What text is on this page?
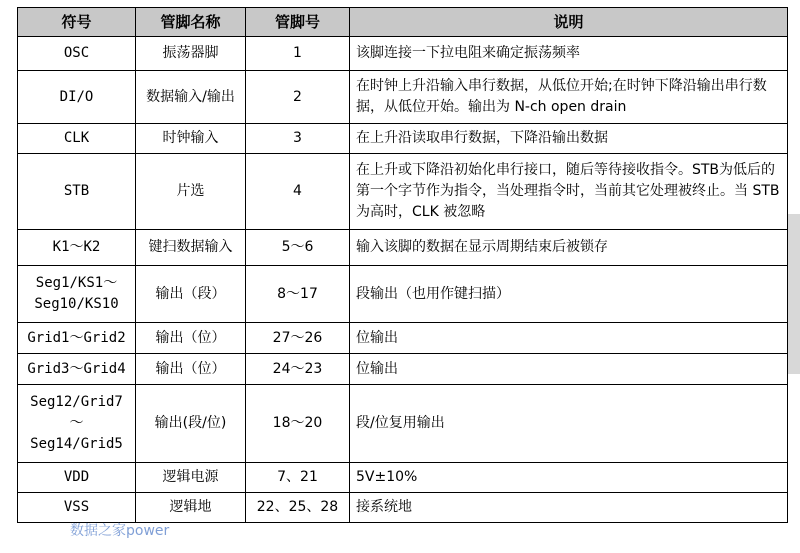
符号	管脚名称	管脚号	说明
OSC	振荡器脚	1	该脚连接一下拉电阻来确定振荡频率
DI/O	数据输入/输出	2	在时钟上升沿输入串行数据，从低位开始;在时钟下降沿输出串行数据，从低位开始。输出为 N-ch open drain
CLK	时钟输入	3	在上升沿读取串行数据，下降沿输出数据
STB	片选	4	在上升或下降沿初始化串行接口，随后等待接收指令。STB为低后的第一个字节作为指令，当处理指令时，当前其它处理被终止。当 STB 为高时，CLK 被忽略
K1～K2	键扫数据输入	5～6	输入该脚的数据在显示周期结束后被锁存
Seg1/KS1～Seg10/KS10	输出（段）	8～17	段输出（也用作键扫描）
Grid1～Grid2	输出（位）	27～26	位输出
Grid3～Grid4	输出（位）	24～23	位输出
Seg12/Grid7～Seg14/Grid5	输出(段/位)	18～20	段/位复用输出
VDD	逻辑电源	7、21	5V±10%
VSS	逻辑地	22、25、28	接系统地
数据之家power
